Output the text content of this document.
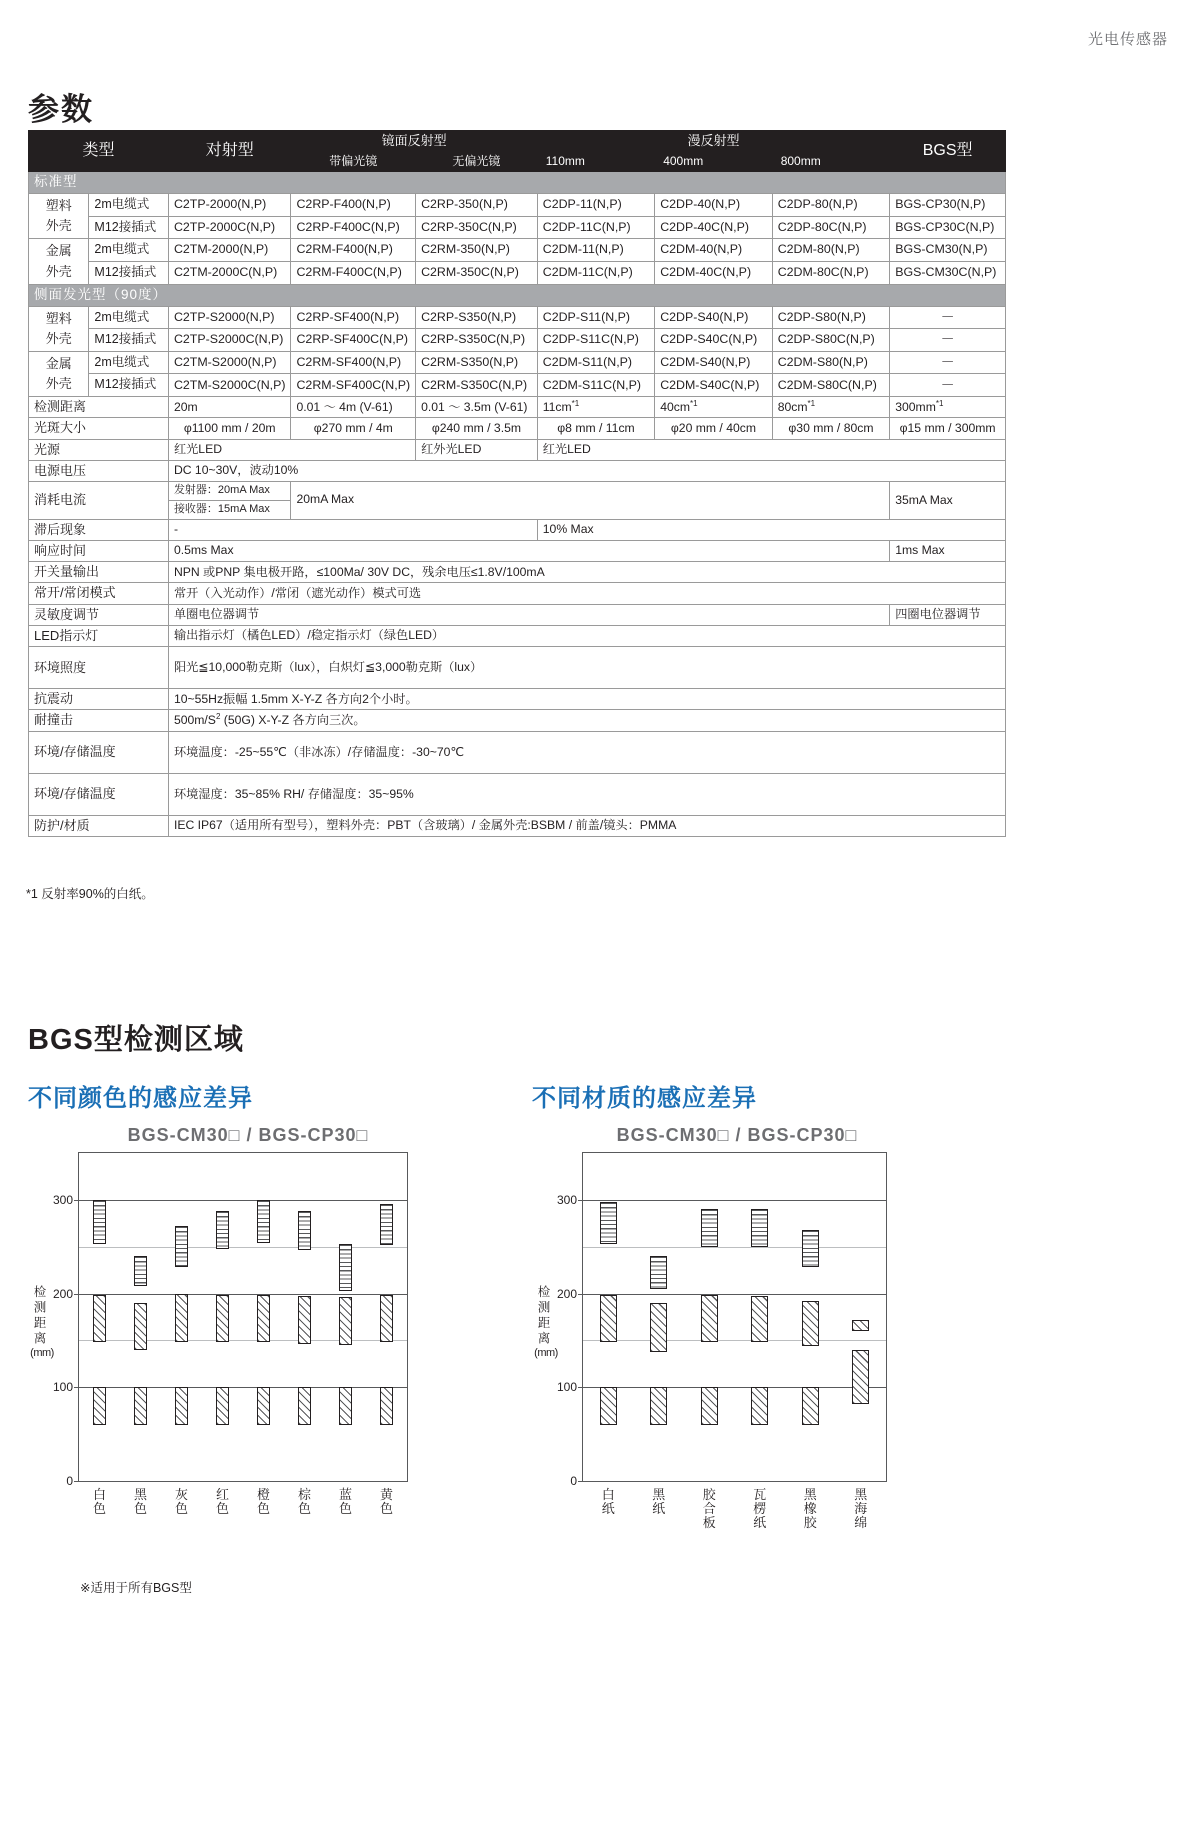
光电传感器
参数
类型		对射型	镜面反射型		漫反射型			BGS型
			带偏光镜	无偏光镜	110mm	400mm	800mm	
标准型								
塑料
外壳	2m电缆式	C2TP-2000(N,P)	C2RP-F400(N,P)	C2RP-350(N,P)	C2DP-11(N,P)	C2DP-40(N,P)	C2DP-80(N,P)	BGS-CP30(N,P)
	M12接插式	C2TP-2000C(N,P)	C2RP-F400C(N,P)	C2RP-350C(N,P)	C2DP-11C(N,P)	C2DP-40C(N,P)	C2DP-80C(N,P)	BGS-CP30C(N,P)
金属
外壳	2m电缆式	C2TM-2000(N,P)	C2RM-F400(N,P)	C2RM-350(N,P)	C2DM-11(N,P)	C2DM-40(N,P)	C2DM-80(N,P)	BGS-CM30(N,P)
	M12接插式	C2TM-2000C(N,P)	C2RM-F400C(N,P)	C2RM-350C(N,P)	C2DM-11C(N,P)	C2DM-40C(N,P)	C2DM-80C(N,P)	BGS-CM30C(N,P)
侧面发光型（90度）								
塑料
外壳	2m电缆式	C2TP-S2000(N,P)	C2RP-SF400(N,P)	C2RP-S350(N,P)	C2DP-S11(N,P)	C2DP-S40(N,P)	C2DP-S80(N,P)	－
	M12接插式	C2TP-S2000C(N,P)	C2RP-SF400C(N,P)	C2RP-S350C(N,P)	C2DP-S11C(N,P)	C2DP-S40C(N,P)	C2DP-S80C(N,P)	－
金属
外壳	2m电缆式	C2TM-S2000(N,P)	C2RM-SF400(N,P)	C2RM-S350(N,P)	C2DM-S11(N,P)	C2DM-S40(N,P)	C2DM-S80(N,P)	－
	M12接插式	C2TM-S2000C(N,P)	C2RM-SF400C(N,P)	C2RM-S350C(N,P)	C2DM-S11C(N,P)	C2DM-S40C(N,P)	C2DM-S80C(N,P)	－
检测距离		20m	0.01 ～ 4m (V-61)	0.01 ～ 3.5m (V-61)	$11cm^{*1}$	$40cm^{*1}$	$80cm^{*1}$	$300mm^{*1}$
光斑大小		φ1100 mm / 20m	φ270 mm / 4m	φ240 mm / 3.5m	φ8 mm / 11cm	φ20 mm / 40cm	φ30 mm / 80cm	φ15 mm / 300mm
光源		红光LED		红外光LED	红光LED			
电源电压		DC 10~30V，波动10%						
消耗电流		发射器：20mA Max	20mA Max					35mA Max
		接收器：15mA Max						
滞后现象		-			10% Max			
响应时间		0.5ms Max						1ms Max
开关量输出		NPN 或PNP 集电极开路，≤100Ma/ 30V DC，残余电压≤1.8V/100mA						
常开/常闭模式		常开（入光动作）/常闭（遮光动作）模式可选						
灵敏度调节		单圈电位器调节						四圈电位器调节
LED指示灯		输出指示灯（橘色LED）/稳定指示灯（绿色LED）						
环境照度		阳光≦10,000勒克斯（lux），白炽灯≦3,000勒克斯（lux）						
抗震动		10~55Hz振幅 1.5mm X-Y-Z 各方向2个小时。						
耐撞击		$500m/S^2$ (50G) X-Y-Z 各方向三次。						
环境/存储温度		环境温度：-25~55℃（非冰冻）/存储温度：-30~70℃						
环境/存储温度		环境湿度：35~85% RH/ 存储湿度：35~95%						
防护/材质		IEC IP67（适用所有型号），塑料外壳：PBT（含玻璃）/ 金属外壳:BSBM / 前盖/镜头：PMMA						
*1 反射率90%的白纸。
BGS型检测区域
不同颜色的感应差异	不同材质的感应差异
BGS-CM30□ / BGS-CP30□
0
100
200
300
白
色
黑
色
灰
色
红
色
橙
色
棕
色
蓝
色
黄
色
检测距离
(mm)
BGS-CM30□ / BGS-CP30□
0
100
200
300
白
纸
黑
纸
胶
合
板
瓦
楞
纸
黑
橡
胶
黑
海
绵
检测距离
(mm)
※适用于所有BGS型
